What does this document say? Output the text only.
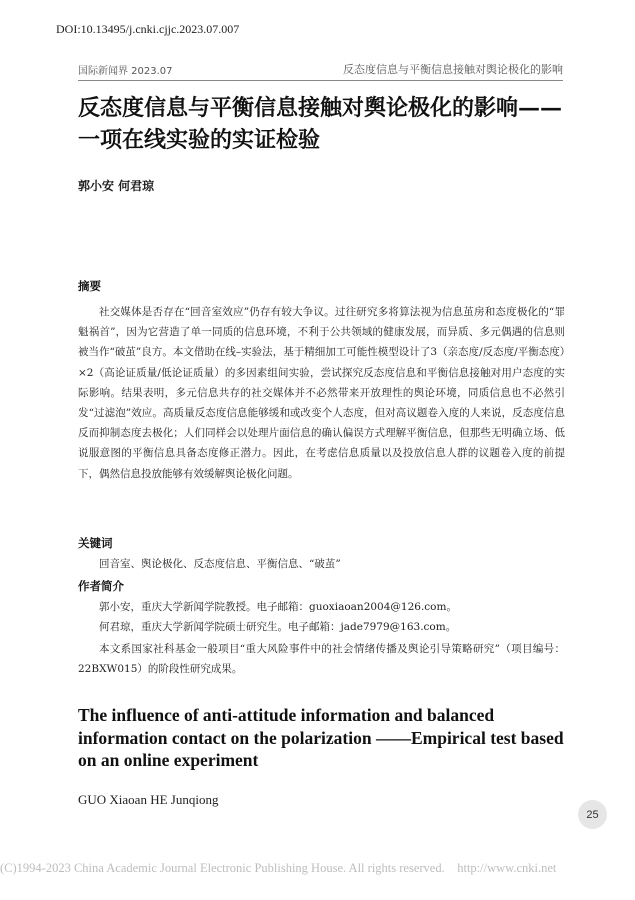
DOI:10.13495/j.cnki.cjjc.2023.07.007
国际新闻界 2023.07	反态度信息与平衡信息接触对舆论极化的影响
反态度信息与平衡信息接触对舆论极化的影响——一项在线实验的实证检验
郭小安 何君琼
摘要

社交媒体是否存在“回音室效应”仍存有较大争议。过往研究多将算法视为信息茧房和态度极化的“罪魁祸首”，因为它营造了单一同质的信息环境，不利于公共领域的健康发展，而异质、多元偶遇的信息则被当作“破茧”良方。本文借助在线–实验法，基于精细加工可能性模型设计了3（亲态度/反态度/平衡态度）×2（高论证质量/低论证质量）的多因素组间实验，尝试探究反态度信息和平衡信息接触对用户态度的实际影响。结果表明，多元信息共存的社交媒体并不必然带来开放理性的舆论环境，同质信息也不必然引发“过滤泡”效应。高质量反态度信息能够缓和或改变个人态度，但对高议题卷入度的人来说，反态度信息反而抑制态度去极化；人们同样会以处理片面信息的确认偏误方式理解平衡信息，但那些无明确立场、低说服意图的平衡信息具备态度修正潜力。因此，在考虑信息质量以及投放信息人群的议题卷入度的前提下，偶然信息投放能够有效缓解舆论极化问题。

关键词

回音室、舆论极化、反态度信息、平衡信息、“破茧”

作者简介

郭小安，重庆大学新闻学院教授。电子邮箱：guoxiaoan2004@126.com。

何君琼，重庆大学新闻学院硕士研究生。电子邮箱：jade7979@163.com。

本文系国家社科基金一般项目“重大风险事件中的社会情绪传播及舆论引导策略研究”（项目编号：22BXW015）的阶段性研究成果。

The influence of anti-attitude information and balanced information contact on the polarization ——Empirical test based on an online experiment
GUO Xiaoan HE Junqiong
25
(C)1994-2023 China Academic Journal Electronic Publishing House. All rights reserved. http://www.cnki.net
